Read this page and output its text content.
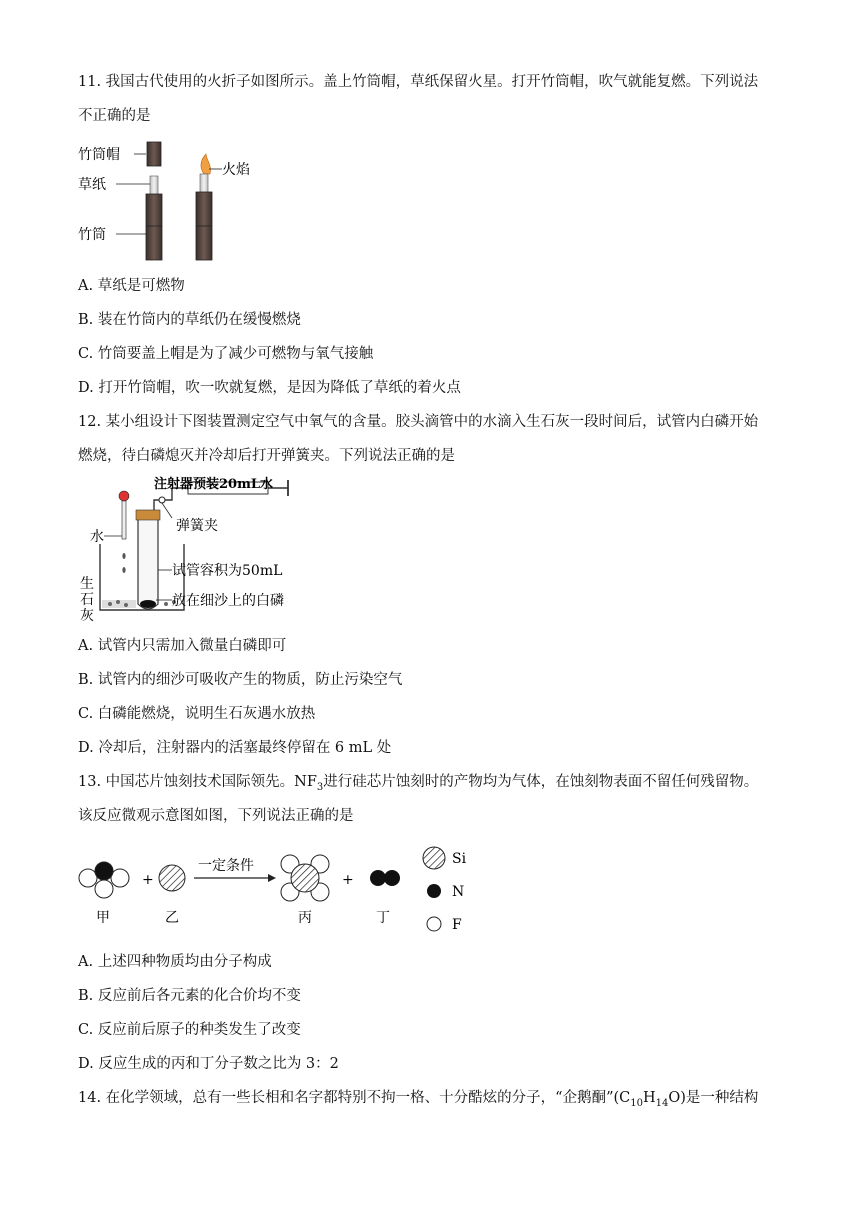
11. 我国古代使用的火折子如图所示。盖上竹筒帽，草纸保留火星。打开竹筒帽，吹气就能复燃。下列说法
不正确的是
竹筒帽
草纸
竹筒
火焰
A. 草纸是可燃物
B. 装在竹筒内的草纸仍在缓慢燃烧
C. 竹筒要盖上帽是为了减少可燃物与氧气接触
D. 打开竹筒帽，吹一吹就复燃，是因为降低了草纸的着火点
12. 某小组设计下图装置测定空气中氧气的含量。胶头滴管中的水滴入生石灰一段时间后，试管内白磷开始
燃烧，待白磷熄灭并冷却后打开弹簧夹。下列说法正确的是
水
弹簧夹
注射器预装20mL水
试管容积为50mL
放在细沙上的白磷
生
石
灰
A. 试管内只需加入微量白磷即可
B. 试管内的细沙可吸收产生的物质，防止污染空气
C. 白磷能燃烧，说明生石灰遇水放热
D. 冷却后，注射器内的活塞最终停留在 6 mL 处
13. 中国芯片蚀刻技术国际领先。$NF_3$进行硅芯片蚀刻时的产物均为气体，在蚀刻物表面不留任何残留物。
该反应微观示意图如图，下列说法正确的是
+
一定条件
+
甲	乙	丙	丁
Si
N
F
A. 上述四种物质均由分子构成
B. 反应前后各元素的化合价均不变
C. 反应前后原子的种类发生了改变
D. 反应生成的丙和丁分子数之比为 3：2
14. 在化学领域，总有一些长相和名字都特别不拘一格、十分酷炫的分子，“企鹅酮$”(C_{10}H_{14}O)$是一种结构
